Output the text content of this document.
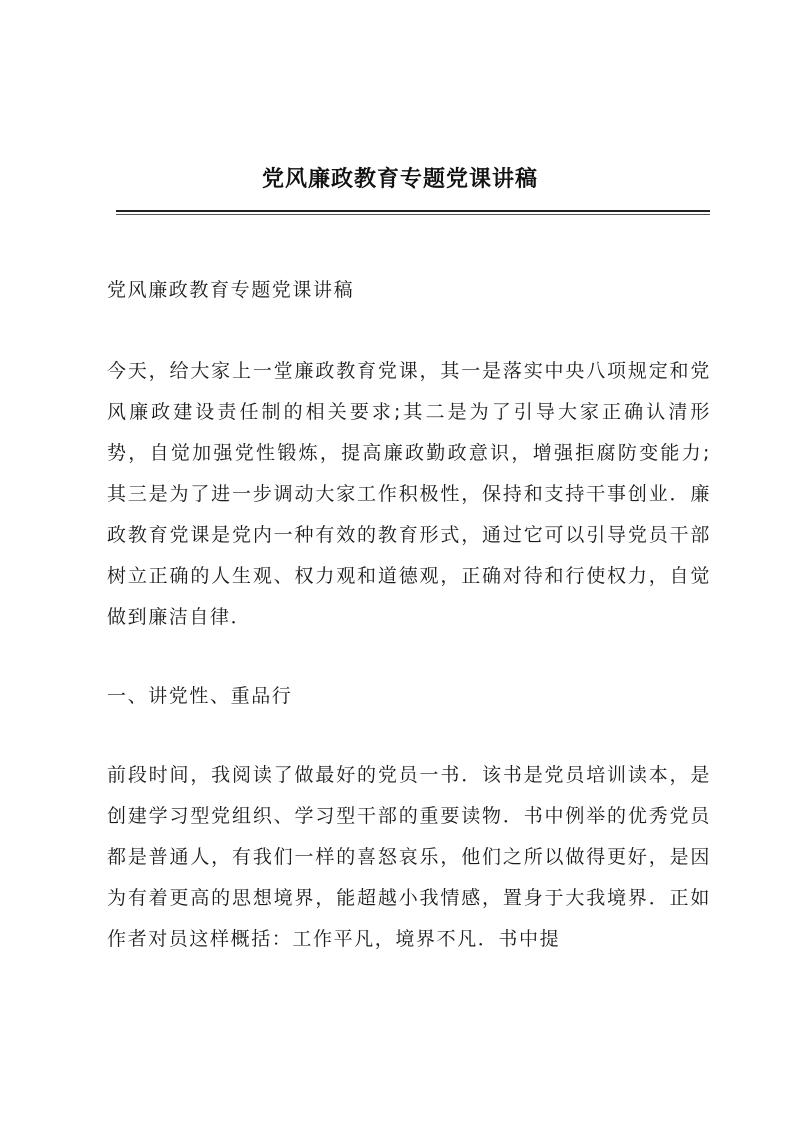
党风廉政教育专题党课讲稿

党风廉政教育专题党课讲稿

今天，给大家上一堂廉政教育党课，其一是落实中央八项规定和党风廉政建设责任制的相关要求;其二是为了引导大家正确认清形势，自觉加强党性锻炼，提高廉政勤政意识，增强拒腐防变能力;其三是为了进一步调动大家工作积极性，保持和支持干事创业．廉政教育党课是党内一种有效的教育形式，通过它可以引导党员干部树立正确的人生观、权力观和道德观，正确对待和行使权力，自觉做到廉洁自律．

一、讲党性、重品行

前段时间，我阅读了做最好的党员一书．该书是党员培训读本，是创建学习型党组织、学习型干部的重要读物．书中例举的优秀党员都是普通人，有我们一样的喜怒哀乐，他们之所以做得更好，是因为有着更高的思想境界，能超越小我情感，置身于大我境界．正如作者对员这样概括：工作平凡，境界不凡．书中提
